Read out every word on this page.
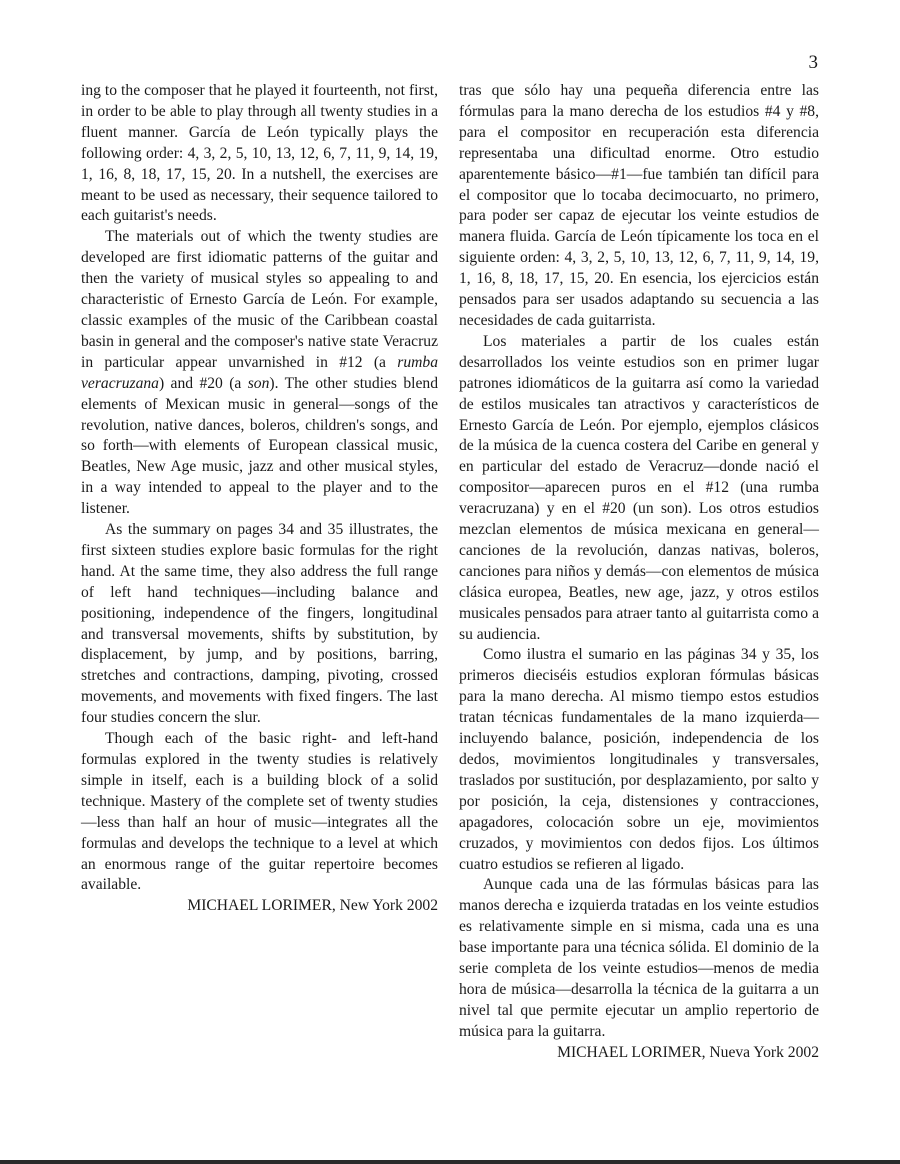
3

ing to the composer that he played it fourteenth, not first, in order to be able to play through all twenty studies in a fluent manner. García de León typically plays the following order: 4, 3, 2, 5, 10, 13, 12, 6, 7, 11, 9, 14, 19, 1, 16, 8, 18, 17, 15, 20. In a nutshell, the exercises are meant to be used as necessary, their sequence tailored to each guitarist's needs.

The materials out of which the twenty studies are developed are first idiomatic patterns of the guitar and then the variety of musical styles so appealing to and characteristic of Ernesto García de León. For example, classic examples of the music of the Caribbean coastal basin in general and the composer's native state Veracruz in particular appear unvarnished in #12 (a rumba veracruzana) and #20 (a son). The other studies blend elements of Mexican music in general—songs of the revolution, native dances, boleros, children's songs, and so forth—with elements of European classical music, Beatles, New Age music, jazz and other musical styles, in a way intended to appeal to the player and to the listener.

As the summary on pages 34 and 35 illustrates, the first sixteen studies explore basic formulas for the right hand. At the same time, they also address the full range of left hand techniques—including balance and positioning, independence of the fingers, longitudinal and transversal movements, shifts by substitution, by displacement, by jump, and by positions, barring, stretches and contractions, damping, pivoting, crossed movements, and movements with fixed fingers. The last four studies concern the slur.

Though each of the basic right- and left-hand formulas explored in the twenty studies is relatively simple in itself, each is a building block of a solid technique. Mastery of the complete set of twenty studies—less than half an hour of music—integrates all the formulas and develops the technique to a level at which an enormous range of the guitar repertoire becomes available.

MICHAEL LORIMER, New York 2002

tras que sólo hay una pequeña diferencia entre las fórmulas para la mano derecha de los estudios #4 y #8, para el compositor en recuperación esta diferencia representaba una dificultad enorme. Otro estudio aparentemente básico—#1—fue también tan difícil para el compositor que lo tocaba decimocuarto, no primero, para poder ser capaz de ejecutar los veinte estudios de manera fluida. García de León típicamente los toca en el siguiente orden: 4, 3, 2, 5, 10, 13, 12, 6, 7, 11, 9, 14, 19, 1, 16, 8, 18, 17, 15, 20. En esencia, los ejercicios están pensados para ser usados adaptando su secuencia a las necesidades de cada guitarrista.

Los materiales a partir de los cuales están desarrollados los veinte estudios son en primer lugar patrones idiomáticos de la guitarra así como la variedad de estilos musicales tan atractivos y característicos de Ernesto García de León. Por ejemplo, ejemplos clásicos de la música de la cuenca costera del Caribe en general y en particular del estado de Veracruz—donde nació el compositor—aparecen puros en el #12 (una rumba veracruzana) y en el #20 (un son). Los otros estudios mezclan elementos de música mexicana en general—canciones de la revolución, danzas nativas, boleros, canciones para niños y demás—con elementos de música clásica europea, Beatles, new age, jazz, y otros estilos musicales pensados para atraer tanto al guitarrista como a su audiencia.

Como ilustra el sumario en las páginas 34 y 35, los primeros dieciséis estudios exploran fórmulas básicas para la mano derecha. Al mismo tiempo estos estudios tratan técnicas fundamentales de la mano izquierda—incluyendo balance, posición, independencia de los dedos, movimientos longitudinales y transversales, traslados por sustitución, por desplazamiento, por salto y por posición, la ceja, distensiones y contracciones, apagadores, colocación sobre un eje, movimientos cruzados, y movimientos con dedos fijos. Los últimos cuatro estudios se refieren al ligado.

Aunque cada una de las fórmulas básicas para las manos derecha e izquierda tratadas en los veinte estudios es relativamente simple en si misma, cada una es una base importante para una técnica sólida. El dominio de la serie completa de los veinte estudios—menos de media hora de música—desarrolla la técnica de la guitarra a un nivel tal que permite ejecutar un amplio repertorio de música para la guitarra.

MICHAEL LORIMER, Nueva York 2002
